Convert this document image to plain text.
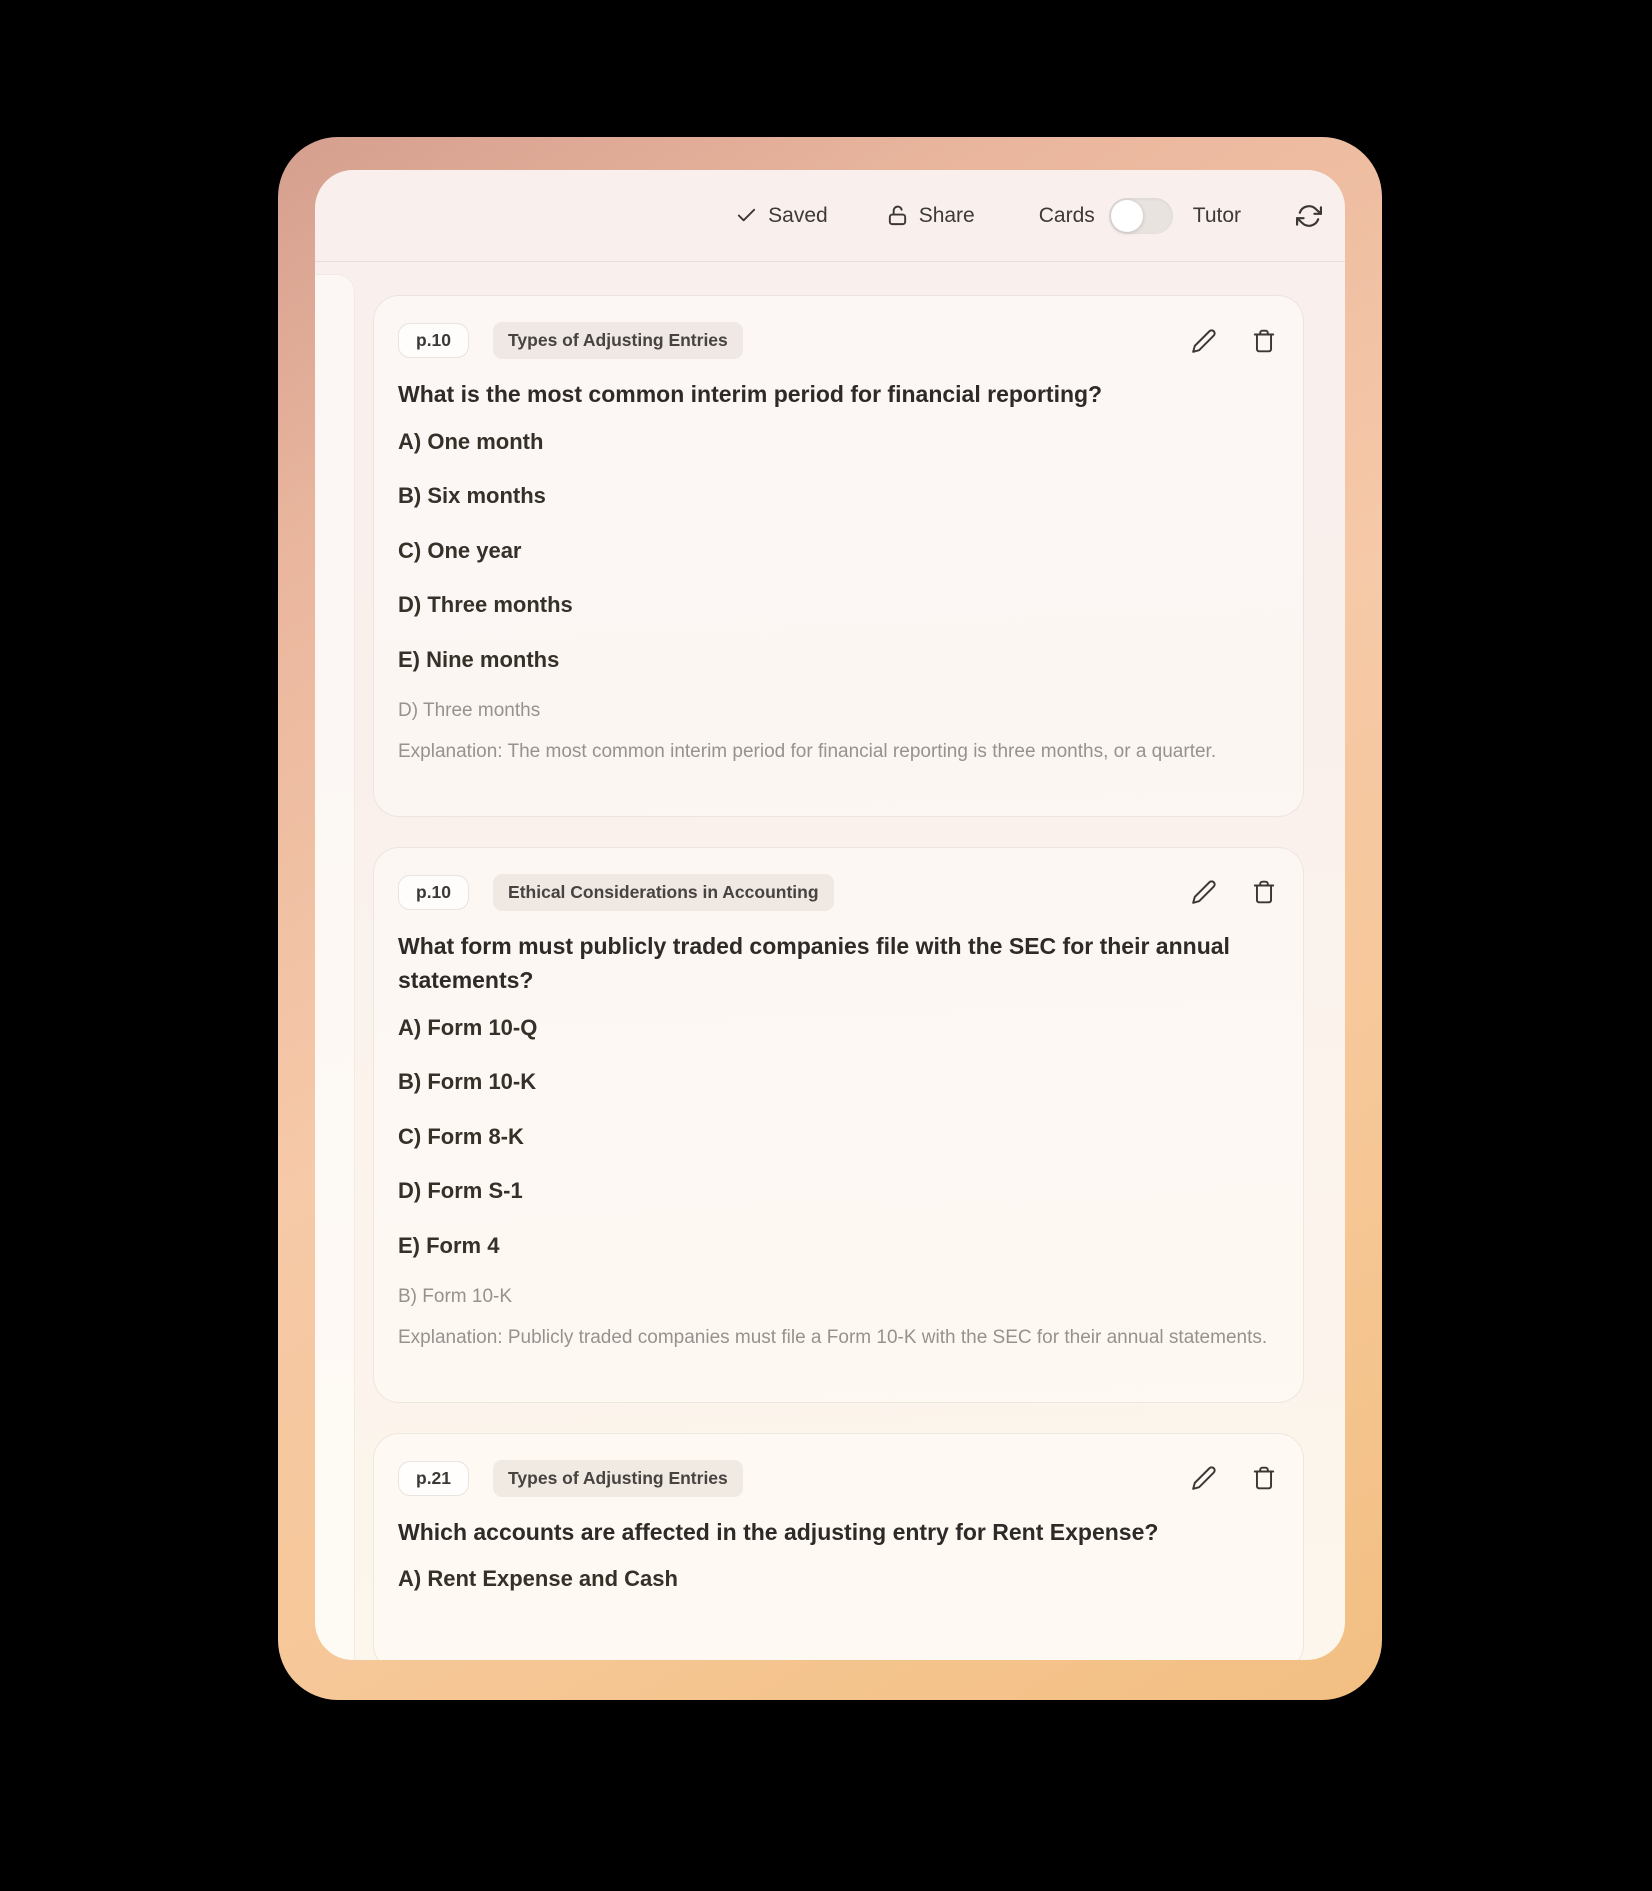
Saved	Share	Cards	Tutor
p.10	Types of Adjusting Entries
What is the most common interim period for financial reporting?
A) One month
B) Six months
C) One year
D) Three months
E) Nine months
D) Three months
Explanation: The most common interim period for financial reporting is three months, or a quarter.
p.10	Ethical Considerations in Accounting
What form must publicly traded companies file with the SEC for their annual statements?
A) Form 10-Q
B) Form 10-K
C) Form 8-K
D) Form S-1
E) Form 4
B) Form 10-K
Explanation: Publicly traded companies must file a Form 10-K with the SEC for their annual statements.
p.21	Types of Adjusting Entries
Which accounts are affected in the adjusting entry for Rent Expense?
A) Rent Expense and Cash
